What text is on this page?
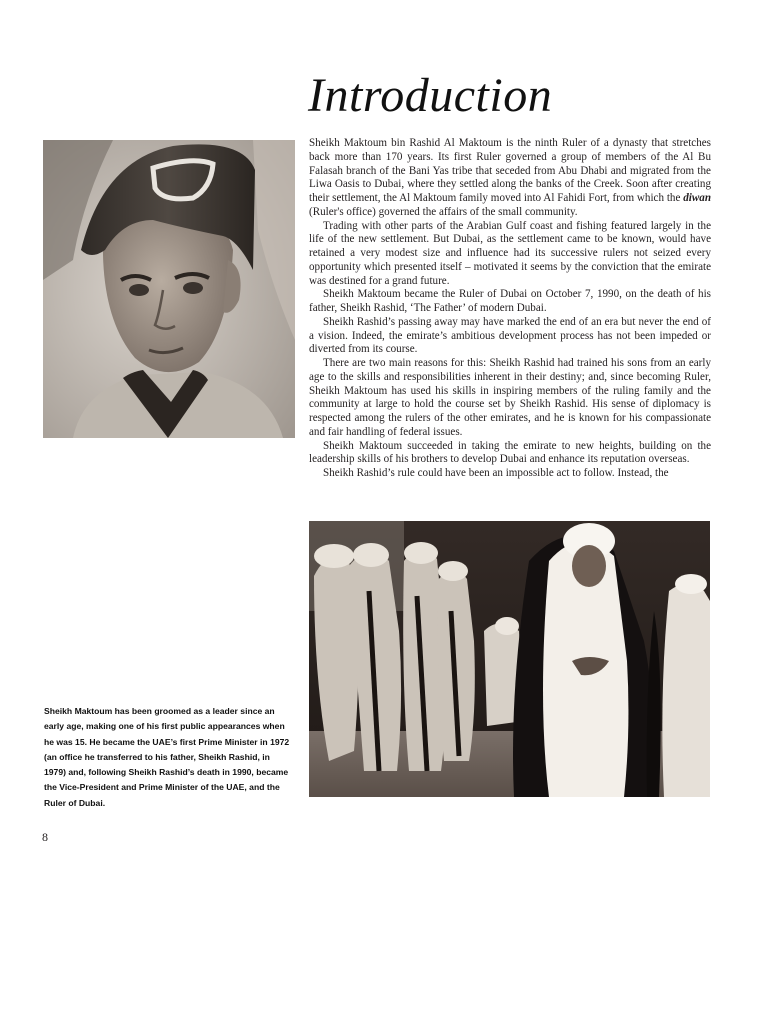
Introduction

Sheikh Maktoum bin Rashid Al Maktoum is the ninth Ruler of a dynasty that stretches back more than 170 years. Its first Ruler governed a group of members of the Al Bu Falasah branch of the Bani Yas tribe that seceded from Abu Dhabi and migrated from the Liwa Oasis to Dubai, where they settled along the banks of the Creek. Soon after creating their settlement, the Al Maktoum family moved into Al Fahidi Fort, from which the diwan (Ruler's office) governed the affairs of the small community.

Trading with other parts of the Arabian Gulf coast and fishing featured largely in the life of the new settlement. But Dubai, as the settlement came to be known, would have retained a very modest size and influence had its successive rulers not seized every opportunity which presented itself – motivated it seems by the conviction that the emirate was destined for a grand future.

Sheikh Maktoum became the Ruler of Dubai on October 7, 1990, on the death of his father, Sheikh Rashid, ‘The Father’ of modern Dubai.

Sheikh Rashid’s passing away may have marked the end of an era but never the end of a vision. Indeed, the emirate’s ambitious development process has not been impeded or diverted from its course.

There are two main reasons for this: Sheikh Rashid had trained his sons from an early age to the skills and responsibilities inherent in their destiny; and, since becoming Ruler, Sheikh Maktoum has used his skills in inspiring members of the ruling family and the community at large to hold the course set by Sheikh Rashid. His sense of diplomacy is respected among the rulers of the other emirates, and he is known for his compassionate and fair handling of federal issues.

Sheikh Maktoum succeeded in taking the emirate to new heights, building on the leadership skills of his brothers to develop Dubai and enhance its reputation overseas.

Sheikh Rashid’s rule could have been an impossible act to follow. Instead, the

Sheikh Maktoum has been groomed as a leader since an early age, making one of his first public appearances when he was 15. He became the UAE’s first Prime Minister in 1972 (an office he transferred to his father, Sheikh Rashid, in 1979) and, following Sheikh Rashid’s death in 1990, became the Vice-President and Prime Minister of the UAE, and the Ruler of Dubai.
8
